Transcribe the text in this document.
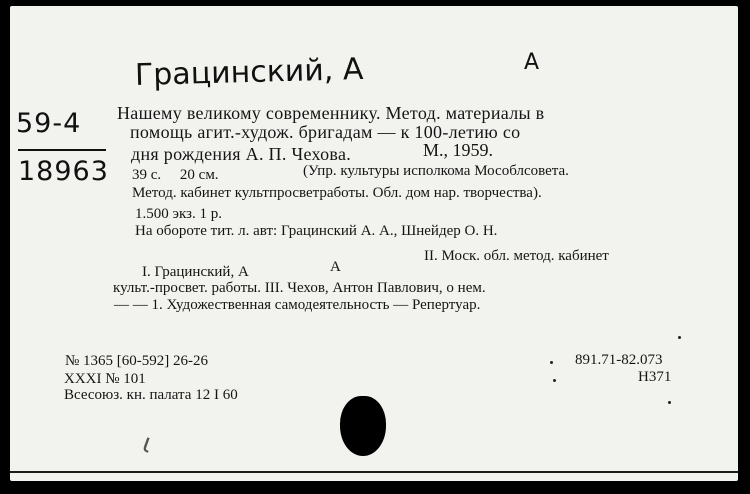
Грацинский, А	А
59-4
18963
Нашему великому современнику. Метод. материалы в
помощь агит.-худож. бригадам — к 100-летию со
дня рождения А. П. Чехова.	М., 1959.
39 с.     20 см.	(Упр. культуры исполкома Мособлсовета.
Метод. кабинет культпросветработы. Обл. дом нар. творчества).
1.500 экз. 1 р.
На обороте тит. л. авт: Грацинский А. А., Шнейдер О. Н.
I. Грацинский, А	А
II. Моск. обл. метод. кабинет
культ.-просвет. работы. III. Чехов, Антон Павлович, о нем.
— — 1. Художественная самодеятельность — Репертуар.
№ 1365 [60-592] 26-26
XXXI № 101
Всесоюз. кн. палата 12 I 60
891.71-82.073
Н371
ι
